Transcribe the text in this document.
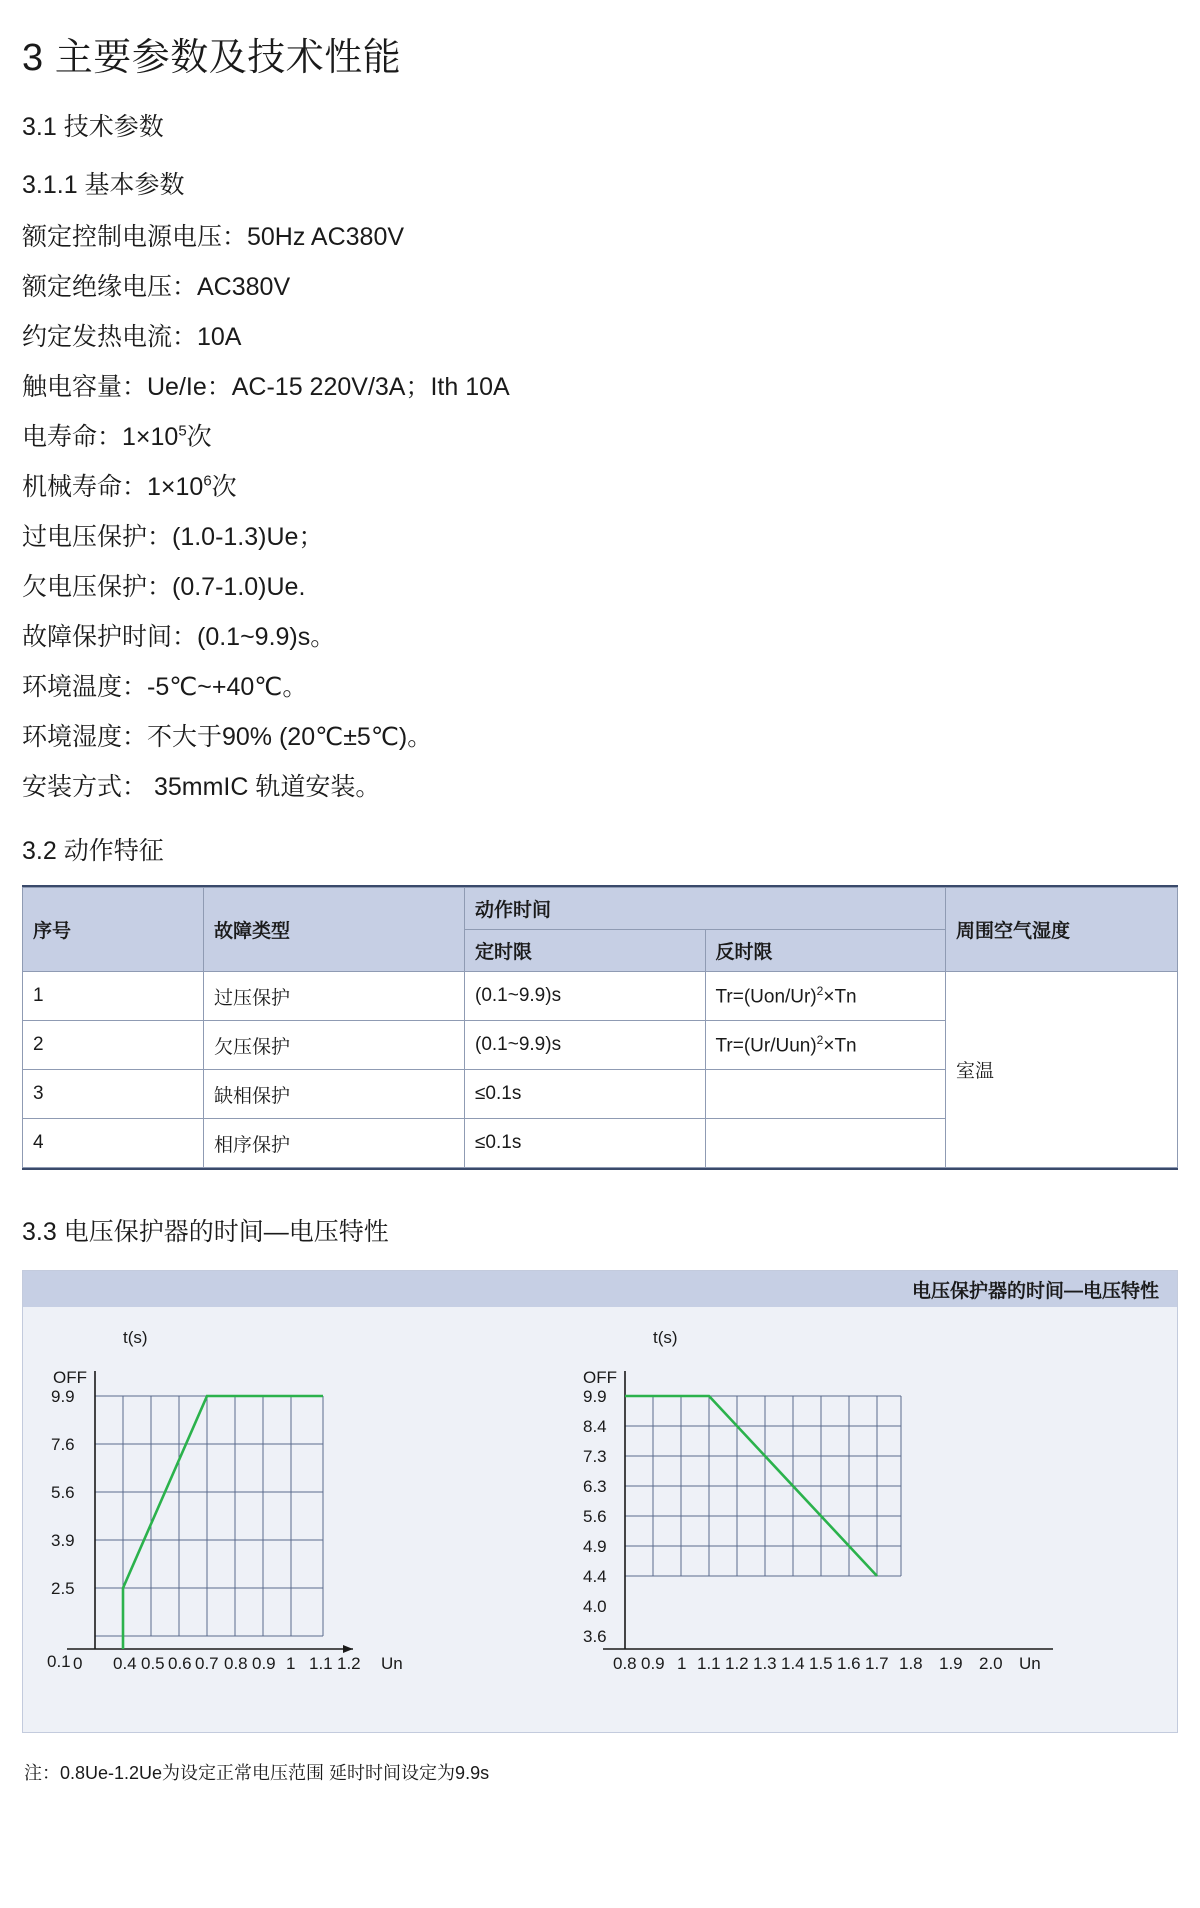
3 主要参数及技术性能
3.1 技术参数
3.1.1 基本参数

额定控制电源电压：50Hz AC380V

额定绝缘电压：AC380V

约定发热电流：10A

触电容量：Ue/Ie：AC-15 220V/3A；Ith 10A

电寿命：$1\times 10^5$次

机械寿命：$1\times 10^6$次

过电压保护：(1.0-1.3)Ue；

欠电压保护：(0.7-1.0)Ue.

故障保护时间：(0.1~9.9)s。

环境温度：-5℃~+40℃。

环境湿度：不大于90% (20℃±5℃)。

安装方式： 35mmIC 轨道安装。

3.2 动作特征
序号	故障类型	动作时间		周围空气湿度
		定时限	反时限	
1	过压保护	(0.1~9.9)s	$Tr=(Uon/Ur)^2\times Tn$	室温
2	欠压保护	(0.1~9.9)s	$Tr=(Ur/Uun)^2\times Tn$	
3	缺相保护	≤0.1s		
4	相序保护	≤0.1s		
3.3 电压保护器的时间—电压特性
电压保护器的时间—电压特性
t(s)
OFF
9.9
7.6
5.6
3.9
2.5
0.1 0 0.4 0.5 0.6 0.7 0.8 0.9 1 1.1 1.2 Un
t(s)
OFF
9.9
8.4
7.3
6.3
5.6
4.9
4.4
4.0
3.6
0.8 0.9 1 1.1 1.2 1.3 1.4 1.5 1.6 1.7 1.8 1.9 2.0 Un

注：0.8Ue-1.2Ue为设定正常电压范围 延时时间设定为9.9s
